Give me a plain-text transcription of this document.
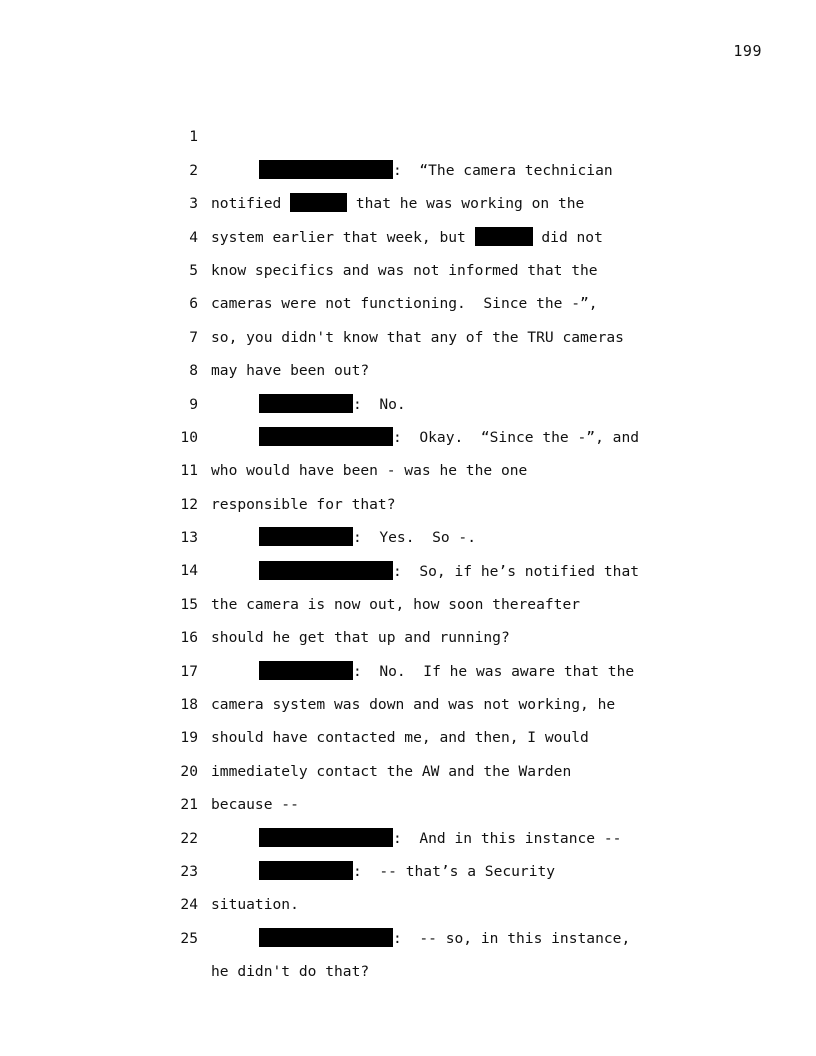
199

1

:  “The camera technician

2

notified	that he was working on the

3

system earlier that week, but	did not

4

know specifics and was not informed that the

5

cameras were not functioning.  Since the -”,

6

so, you didn't know that any of the TRU cameras

7

may have been out?

8

:  No.

9

:  Okay.  “Since the -”, and

10

who would have been - was he the one

11

responsible for that?

12

:  Yes.  So -.

13

:  So, if he’s notified that

14

the camera is now out, how soon thereafter

15

should he get that up and running?

16

:  No.  If he was aware that the

17

camera system was down and was not working, he

18

should have contacted me, and then, I would

19

immediately contact the AW and the Warden

20

because --

21

:  And in this instance --

22

:  -- that’s a Security

23

situation.

24

:  -- so, in this instance,

25

he didn't do that?
